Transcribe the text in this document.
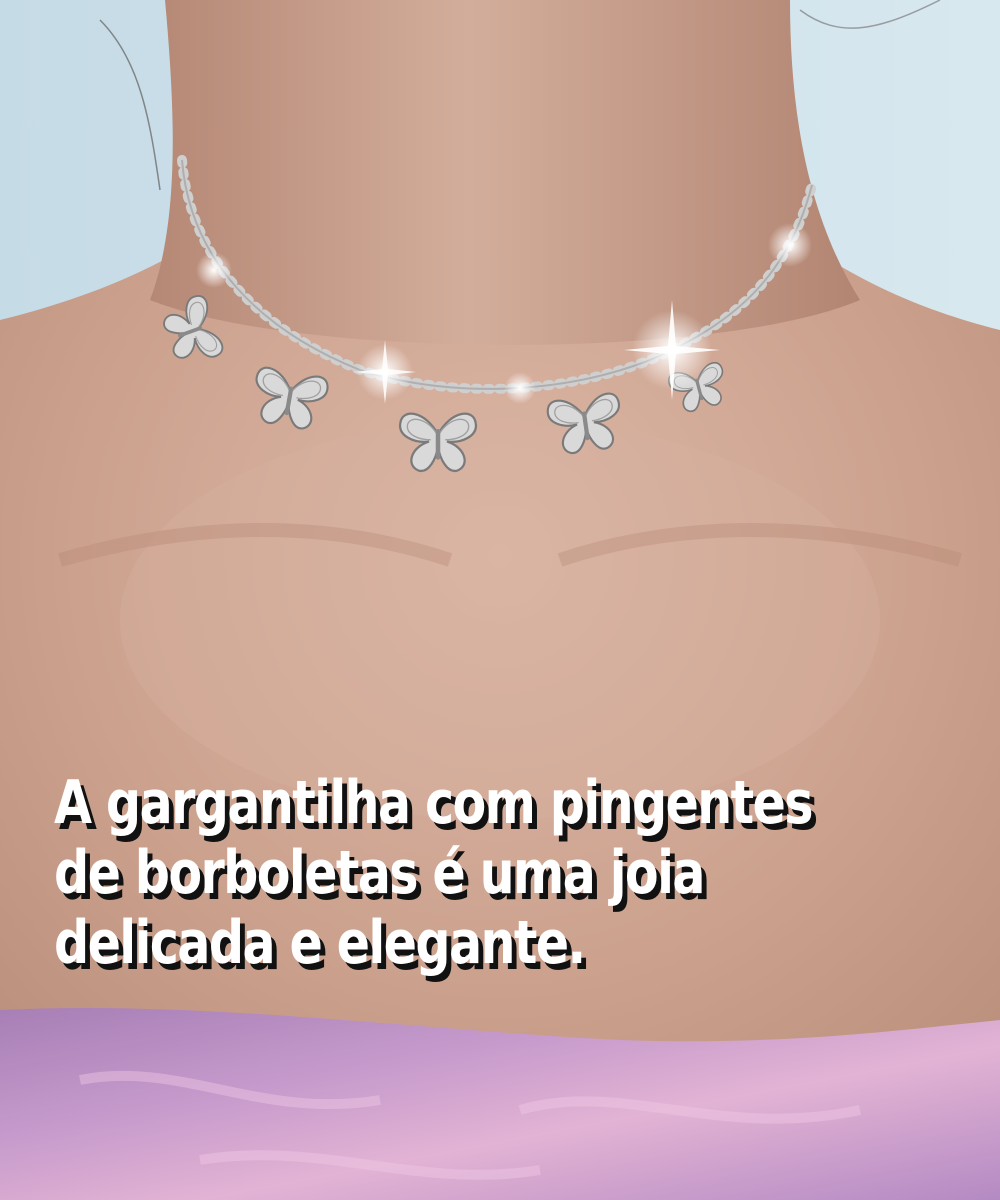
A gargantilha com pingentes
de borboletas é uma joia
delicada e elegante.
